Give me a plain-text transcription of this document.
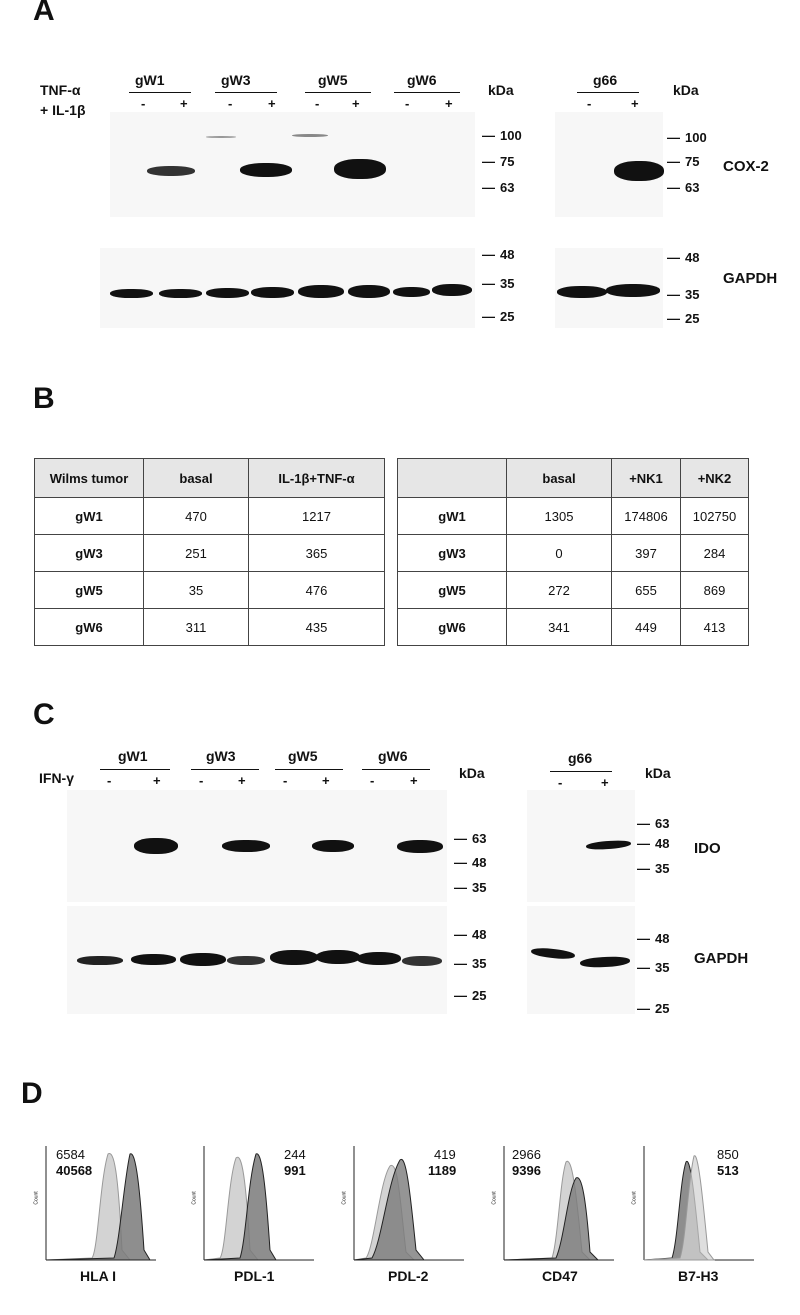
A
TNF-α
+ IL-1β
gW1	gW3	gW5	gW6	g66
-	+	-	+	-	+	-	+	-	+
kDa	kDa
— 100
— 75
— 63
— 100
— 75
— 63
COX-2
— 48
— 35
— 25
— 48
— 35
— 25
GAPDH
B
Wilms tumor	basal	IL-1β+TNF-α
gW1	470	1217
gW3	251	365
gW5	35	476
gW6	311	435
	basal	+NK1	+NK2
gW1	1305	174806	102750
gW3	0	397	284
gW5	272	655	869
gW6	341	449	413
C
IFN-γ
gW1	gW3	gW5	gW6	g66
-	+	-	+	-	+	-	+	-	+
kDa	kDa
— 63
— 48
— 35
— 63
— 48
— 35
IDO
— 48
— 35
— 25
— 48
— 35
— 25
GAPDH
D
Count
6584
40568
HLA I
Count
244
991
PDL-1
Count
419
1189
PDL-2
Count
2966
9396
CD47
Count
850
513
B7-H3
